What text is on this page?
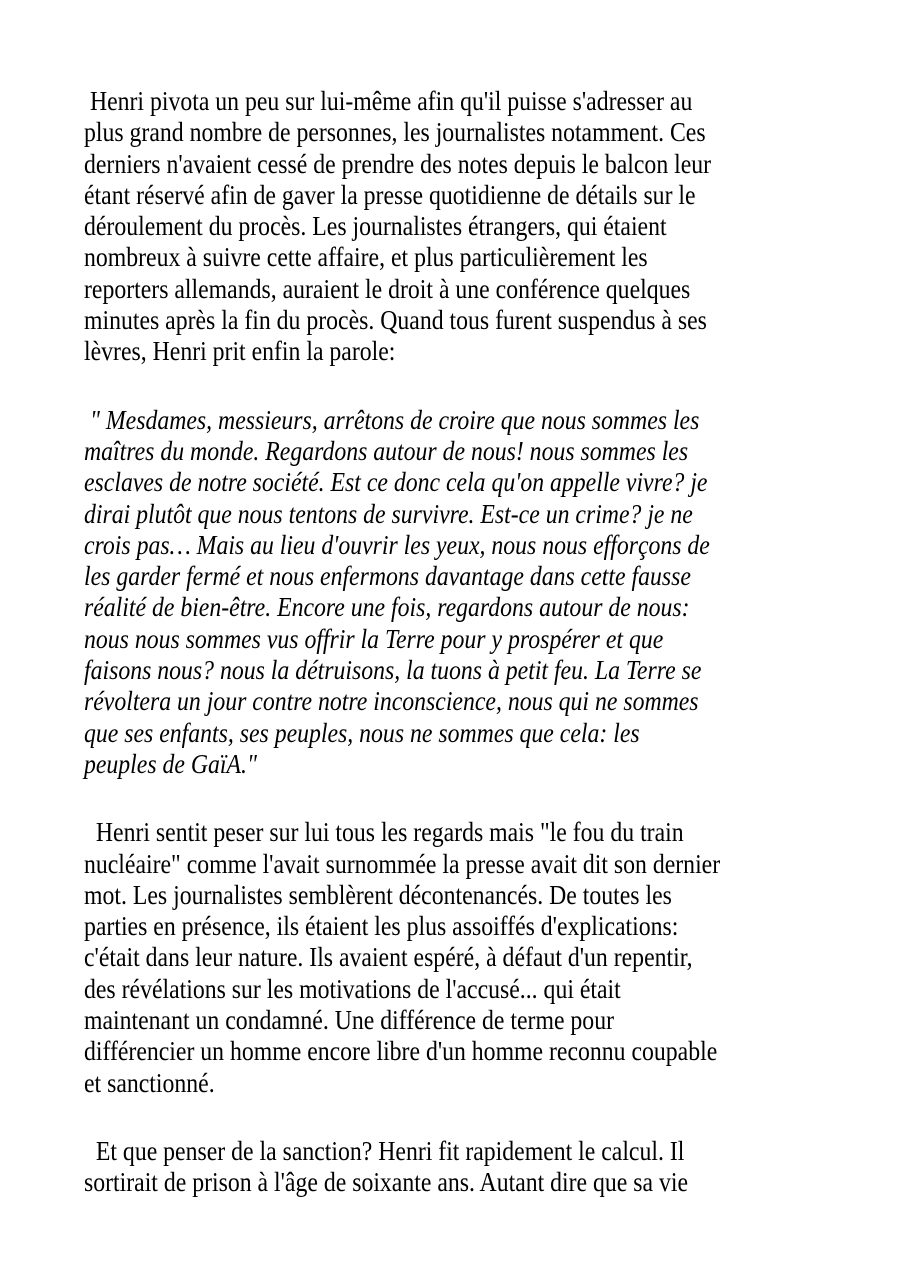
Henri pivota un peu sur lui-même afin qu'il puisse s'adresser au
plus grand nombre de personnes, les journalistes notamment. Ces
derniers n'avaient cessé de prendre des notes depuis le balcon leur
étant réservé afin de gaver la presse quotidienne de détails sur le
déroulement du procès. Les journalistes étrangers, qui étaient
nombreux à suivre cette affaire, et plus particulièrement les
reporters allemands, auraient le droit à une conférence quelques
minutes après la fin du procès. Quand tous furent suspendus à ses
lèvres, Henri prit enfin la parole:

" Mesdames, messieurs, arrêtons de croire que nous sommes les
maîtres du monde. Regardons autour de nous! nous sommes les
esclaves de notre société. Est ce donc cela qu'on appelle vivre? je
dirai plutôt que nous tentons de survivre. Est-ce un crime? je ne
crois pas… Mais au lieu d'ouvrir les yeux, nous nous efforçons de
les garder fermé et nous enfermons davantage dans cette fausse
réalité de bien-être. Encore une fois, regardons autour de nous:
nous nous sommes vus offrir la Terre pour y prospérer et que
faisons nous? nous la détruisons, la tuons à petit feu. La Terre se
révoltera un jour contre notre inconscience, nous qui ne sommes
que ses enfants, ses peuples, nous ne sommes que cela: les
peuples de GaïA."

Henri sentit peser sur lui tous les regards mais "le fou du train
nucléaire" comme l'avait surnommée la presse avait dit son dernier
mot. Les journalistes semblèrent décontenancés. De toutes les
parties en présence, ils étaient les plus assoiffés d'explications:
c'était dans leur nature. Ils avaient espéré, à défaut d'un repentir,
des révélations sur les motivations de l'accusé... qui était
maintenant un condamné. Une différence de terme pour
différencier un homme encore libre d'un homme reconnu coupable
et sanctionné.

Et que penser de la sanction? Henri fit rapidement le calcul. Il
sortirait de prison à l'âge de soixante ans. Autant dire que sa vie
